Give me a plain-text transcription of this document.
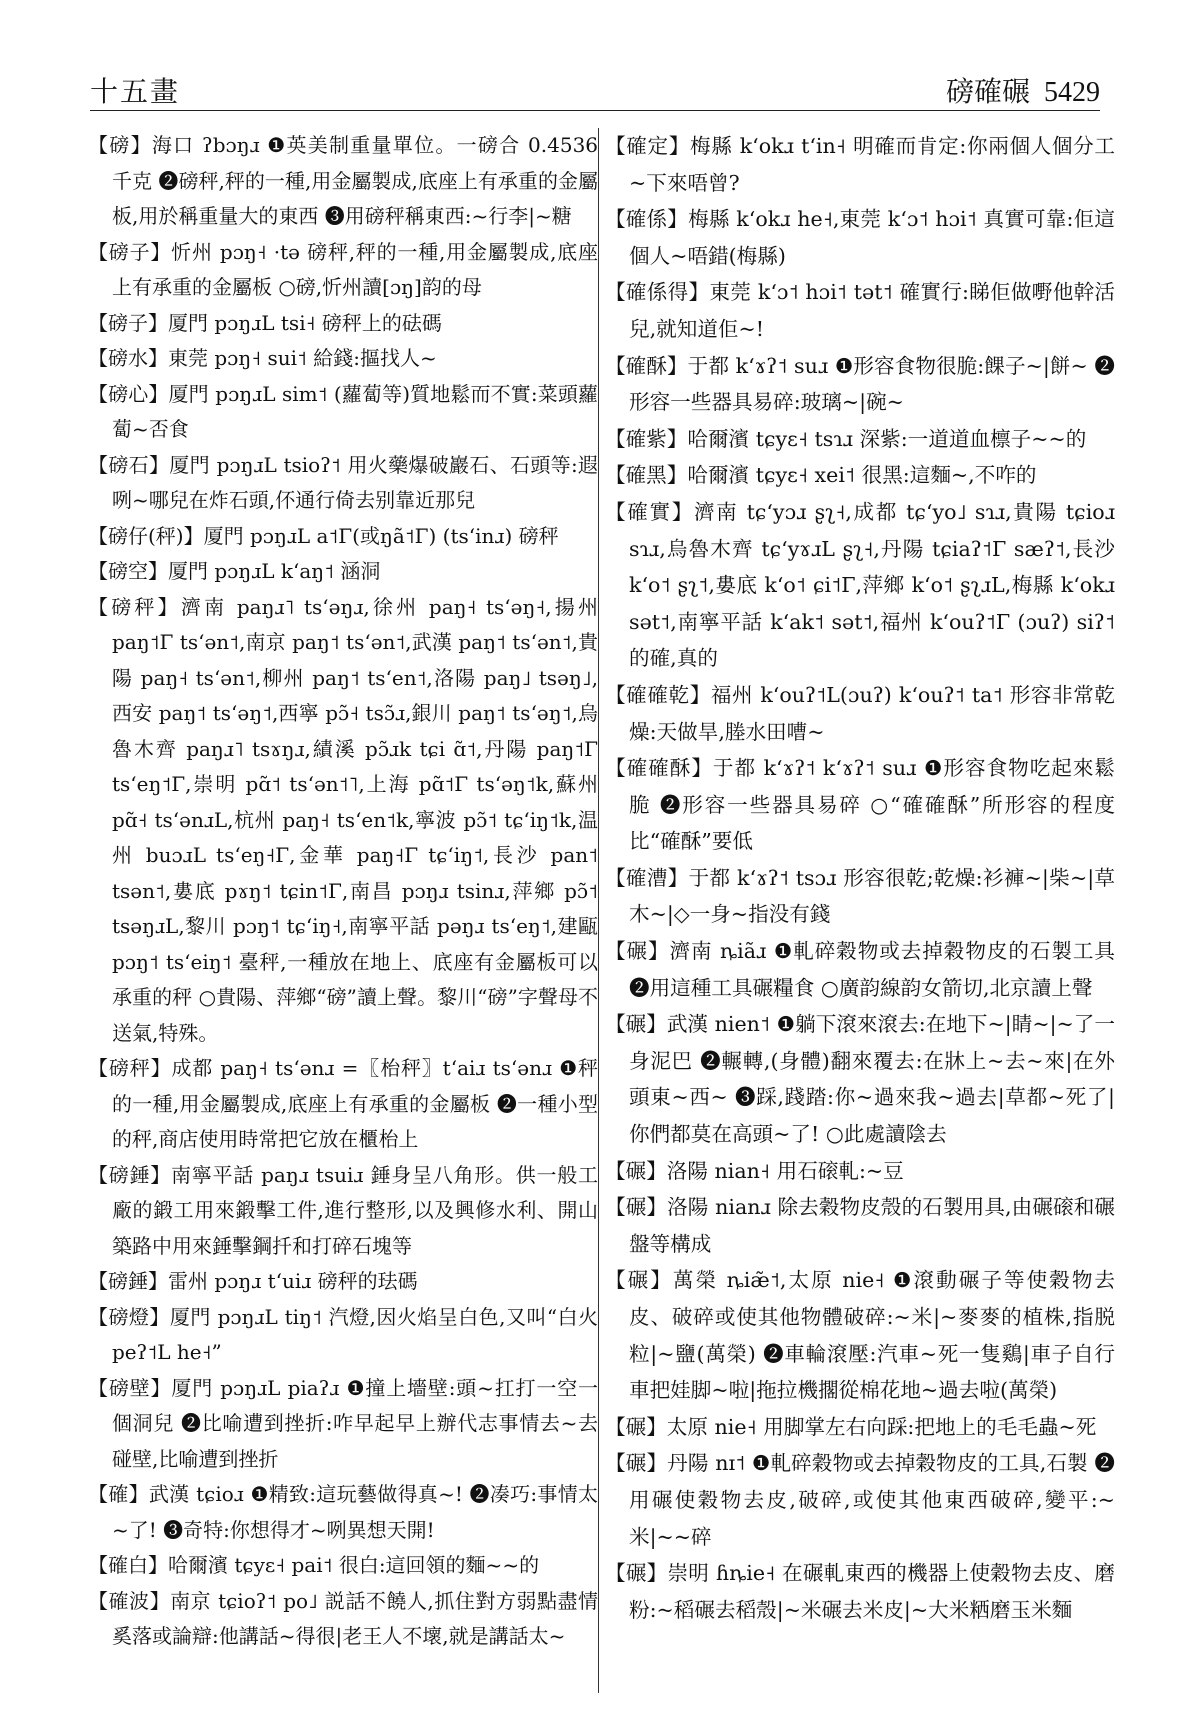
十五畫	磅確碾 5429

【磅】海口 ʔbɔŋɹ ❶英美制重量單位。一磅合 0.4536 千克 ❷磅秤,秤的一種,用金屬製成,底座上有承重的金屬板,用於稱重量大的東西 ❸用磅秤稱東西:~行李|~糖

【磅子】忻州 pɔŋ˧ ·tə 磅秤,秤的一種,用金屬製成,底座上有承重的金屬板 ○磅,忻州讀[ɔŋ]韵的母

【磅子】厦門 pɔŋɹL tsi˧ 磅秤上的砝碼

【磅水】東莞 pɔŋ˧ sui˦ 給錢:摳找人~

【磅心】厦門 pɔŋɹL sim˦ (蘿蔔等)質地鬆而不實:菜頭蘿蔔~否食

【磅石】厦門 pɔŋɹL tsioʔ˦ 用火藥爆破巖石、石頭等:遐咧~哪兒在炸石頭,伓通行倚去别靠近那兒

【磅仔(秤)】厦門 pɔŋɹL a˦Γ(或ŋã˦Γ) (tsʻinɹ) 磅秤

【磅空】厦門 pɔŋɹL kʻaŋ˦ 涵洞

【磅秤】濟南 paŋɹ˥ tsʻəŋɹ,徐州 paŋ˧ tsʻəŋ˧,揚州 paŋ˦Γ tsʻən˦,南京 paŋ˦ tsʻən˦,武漢 paŋ˦ tsʻən˦,貴陽 paŋ˧ tsʻən˦,柳州 paŋ˦ tsʻen˦,洛陽 paŋ˩ tsəŋ˩,西安 paŋ˦ tsʻəŋ˦,西寧 pɔ̃˧ tsɔ̃ɹ,銀川 paŋ˦ tsʻəŋ˦,烏魯木齊 paŋɹ˥ tsɤŋɹ,績溪 pɔ̃ɹk tɕi ɑ̃˦,丹陽 paŋ˦Γ tsʻeŋ˦Γ,崇明 pɑ̃˦ tsʻən˦˥,上海 pɑ̃˦Γ tsʻəŋ˦k,蘇州 pɑ̃˧ tsʻənɹL,杭州 paŋ˧ tsʻen˦k,寧波 pɔ̃˦ tɕʻiŋ˦k,温州 buɔɹL tsʻeŋ˧Γ,金華 paŋ˧Γ tɕʻiŋ˦,長沙 pan˦ tsən˦,婁底 pɤŋ˦ tɕin˦Γ,南昌 pɔŋɹ tsinɹ,萍鄉 pɔ̃˦ tsəŋɹL,黎川 pɔŋ˦ tɕʻiŋ˧,南寧平話 pəŋɹ tsʻeŋ˦,建甌 pɔŋ˦ tsʻeiŋ˦ 臺秤,一種放在地上、底座有金屬板可以承重的秤 ○貴陽、萍鄉“磅”讀上聲。黎川“磅”字聲母不送氣,特殊。

【磅秤】成都 paŋ˧ tsʻənɹ =〖枱秤〗tʻaiɹ tsʻənɹ ❶秤的一種,用金屬製成,底座上有承重的金屬板 ❷一種小型的秤,商店使用時常把它放在櫃枱上

【磅錘】南寧平話 paŋɹ tsuiɹ 錘身呈八角形。供一般工廠的鍛工用來鍛擊工件,進行整形,以及興修水利、開山築路中用來錘擊鋼扦和打碎石塊等

【磅錘】雷州 pɔŋɹ tʻuiɹ 磅秤的珐碼

【磅燈】厦門 pɔŋɹL tiŋ˦ 汽燈,因火焰呈白色,又叫“白火 peʔ˦L he˧”

【磅壁】厦門 pɔŋɹL piaʔɹ ❶撞上墻壁:頭~扛打一空一個洞兒 ❷比喻遭到挫折:咋早起早上辦代志事情去~去碰壁,比喻遭到挫折

【確】武漢 tɕioɹ ❶精致:這玩藝做得真~! ❷凑巧:事情太~了! ❸奇特:你想得才~咧異想天開!

【確白】哈爾濱 tɕyɛ˧ pai˦ 很白:這回領的麵~~的

【確波】南京 tɕioʔ˦ po˩ 説話不饒人,抓住對方弱點盡情奚落或論辯:他講話~得很|老王人不壞,就是講話太~

【確定】梅縣 kʻokɹ tʻin˧ 明確而肯定:你兩個人個分工~下來唔曾?

【確係】梅縣 kʻokɹ he˧,東莞 kʻɔ˦ hɔi˦ 真實可靠:佢這個人~唔錯(梅縣)

【確係得】東莞 kʻɔ˦ hɔi˦ tət˦ 確實行:睇佢做嘢他幹活兒,就知道佢~!

【確酥】于都 kʻɤʔ˦ suɹ ❶形容食物很脆:餜子~|餅~ ❷形容一些器具易碎:玻璃~|碗~

【確紫】哈爾濱 tɕyɛ˧ tsɿɹ 深紫:一道道血檩子~~的

【確黑】哈爾濱 tɕyɛ˧ xei˦ 很黑:這麵~,不咋的

【確實】濟南 tɕʻyɔɹ ʂʅ˧,成都 tɕʻyo˩ sɿɹ,貴陽 tɕioɹ sɿɹ,烏魯木齊 tɕʻyɤɹL ʂʅ˧,丹陽 tɕiaʔ˦Γ sæʔ˦,長沙 kʻo˦ ʂʅ˦,婁底 kʻo˦ ɕi˦Γ,萍鄉 kʻo˦ ʂʅɹL,梅縣 kʻokɹ sət˦,南寧平話 kʻak˦ sət˦,福州 kʻouʔ˦Γ (ɔuʔ) siʔ˦ 的確,真的

【確確乾】福州 kʻouʔ˦L(ɔuʔ) kʻouʔ˦ ta˦ 形容非常乾燥:天做旱,塍水田嘈~

【確確酥】于都 kʻɤʔ˦ kʻɤʔ˦ suɹ ❶形容食物吃起來鬆脆 ❷形容一些器具易碎 ○“確確酥”所形容的程度比“確酥”要低

【確漕】于都 kʻɤʔ˦ tsɔɹ 形容很乾;乾燥:衫褲~|柴~|草木~|◇一身~指没有錢

【碾】濟南 ȵiãɹ ❶軋碎穀物或去掉穀物皮的石製工具 ❷用這種工具碾糧食 ○廣韵線韵女箭切,北京讀上聲

【碾】武漢 nien˦ ❶躺下滾來滾去:在地下~|睛~|~了一身泥巴 ❷輾轉,(身體)翻來覆去:在牀上~去~來|在外頭東~西~ ❸踩,踐踏:你~過來我~過去|草都~死了|你們都莫在高頭~了! ○此處讀陰去

【碾】洛陽 nian˧ 用石磙軋:~豆

【碾】洛陽 nianɹ 除去穀物皮殼的石製用具,由碾磙和碾盤等構成

【碾】萬榮 ȵiæ̃˦,太原 nie˧ ❶滾動碾子等使穀物去皮、破碎或使其他物體破碎:~米|~麥麥的植株,指脱粒|~鹽(萬榮) ❷車輪滾壓:汽車~死一隻鷄|車子自行車把娃脚~啦|拖拉機擱從棉花地~過去啦(萬榮)

【碾】太原 nie˧ 用脚掌左右向踩:把地上的毛毛蟲~死

【碾】丹陽 nɪ˦ ❶軋碎穀物或去掉穀物皮的工具,石製 ❷用碾使穀物去皮,破碎,或使其他東西破碎,變平:~米|~~碎

【碾】崇明 ɦȵie˧ 在碾軋東西的機器上使穀物去皮、磨粉:~稻碾去稻殼|~米碾去米皮|~大米粞磨玉米麵
